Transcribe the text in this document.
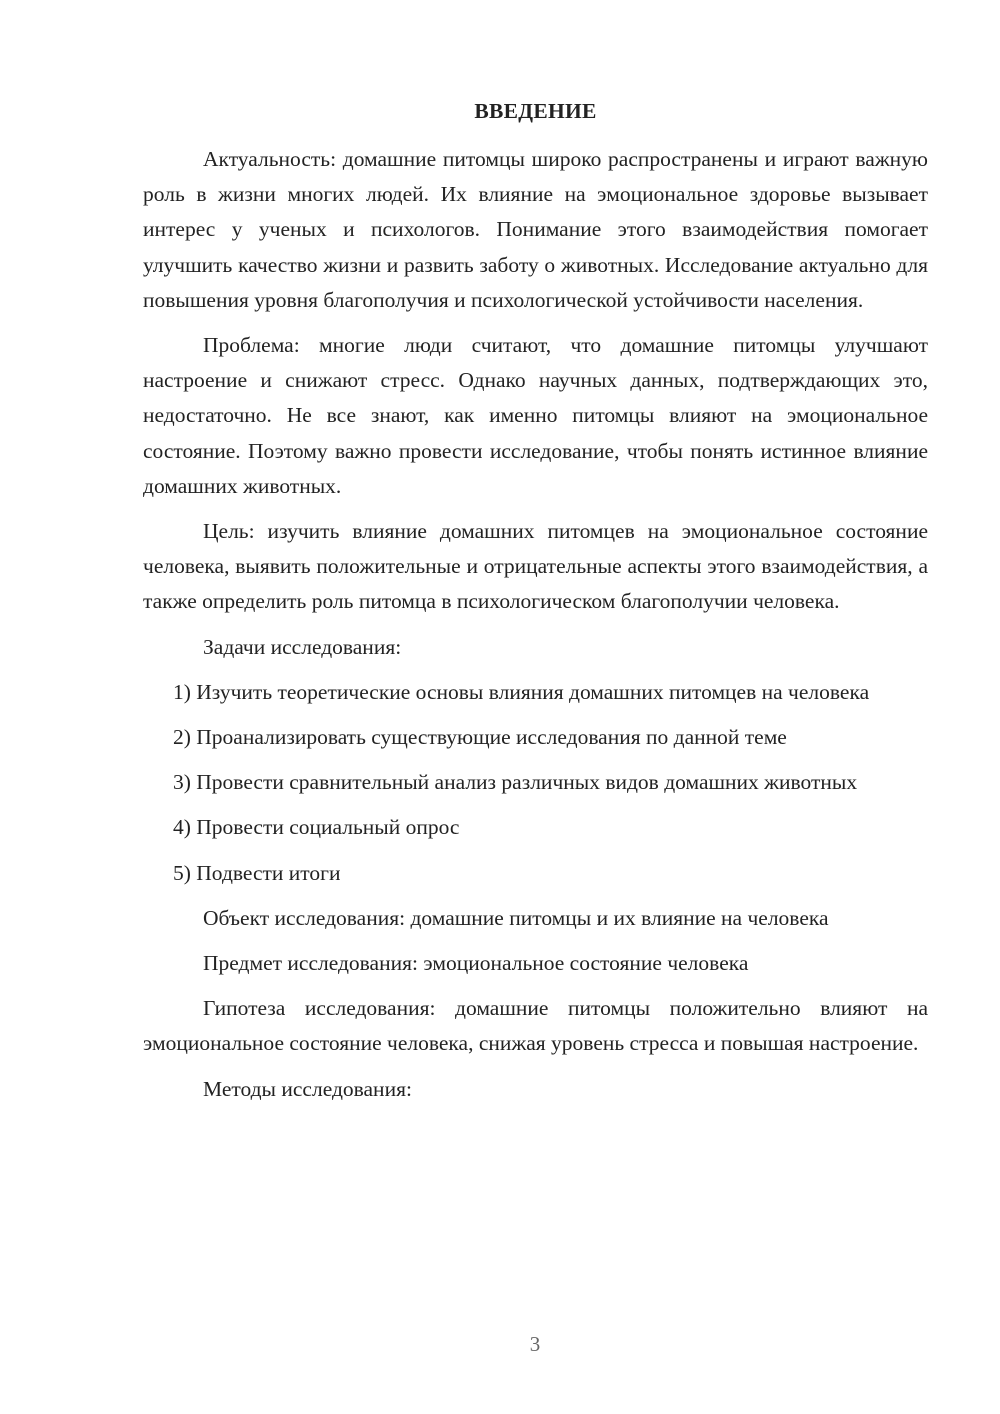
ВВЕДЕНИЕ

Актуальность: домашние питомцы широко распространены и играют важную роль в жизни многих людей. Их влияние на эмоциональное здоровье вызывает интерес у ученых и психологов. Понимание этого взаимодействия помогает улучшить качество жизни и развить заботу о животных. Исследование актуально для повышения уровня благополучия и психологической устойчивости населения.

Проблема: многие люди считают, что домашние питомцы улучшают настроение и снижают стресс. Однако научных данных, подтверждающих это, недостаточно. Не все знают, как именно питомцы влияют на эмоциональное состояние. Поэтому важно провести исследование, чтобы понять истинное влияние домашних животных.

Цель: изучить влияние домашних питомцев на эмоциональное состояние человека, выявить положительные и отрицательные аспекты этого взаимодействия, а также определить роль питомца в психологическом благополучии человека.

Задачи исследования:

1) Изучить теоретические основы влияния домашних питомцев на человека

2) Проанализировать существующие исследования по данной теме

3) Провести сравнительный анализ различных видов домашних животных

4) Провести социальный опрос

5) Подвести итоги

Объект исследования: домашние питомцы и их влияние на человека

Предмет исследования: эмоциональное состояние человека

Гипотеза исследования: домашние питомцы положительно влияют на эмоциональное состояние человека, снижая уровень стресса и повышая настроение.

Методы исследования:

3
